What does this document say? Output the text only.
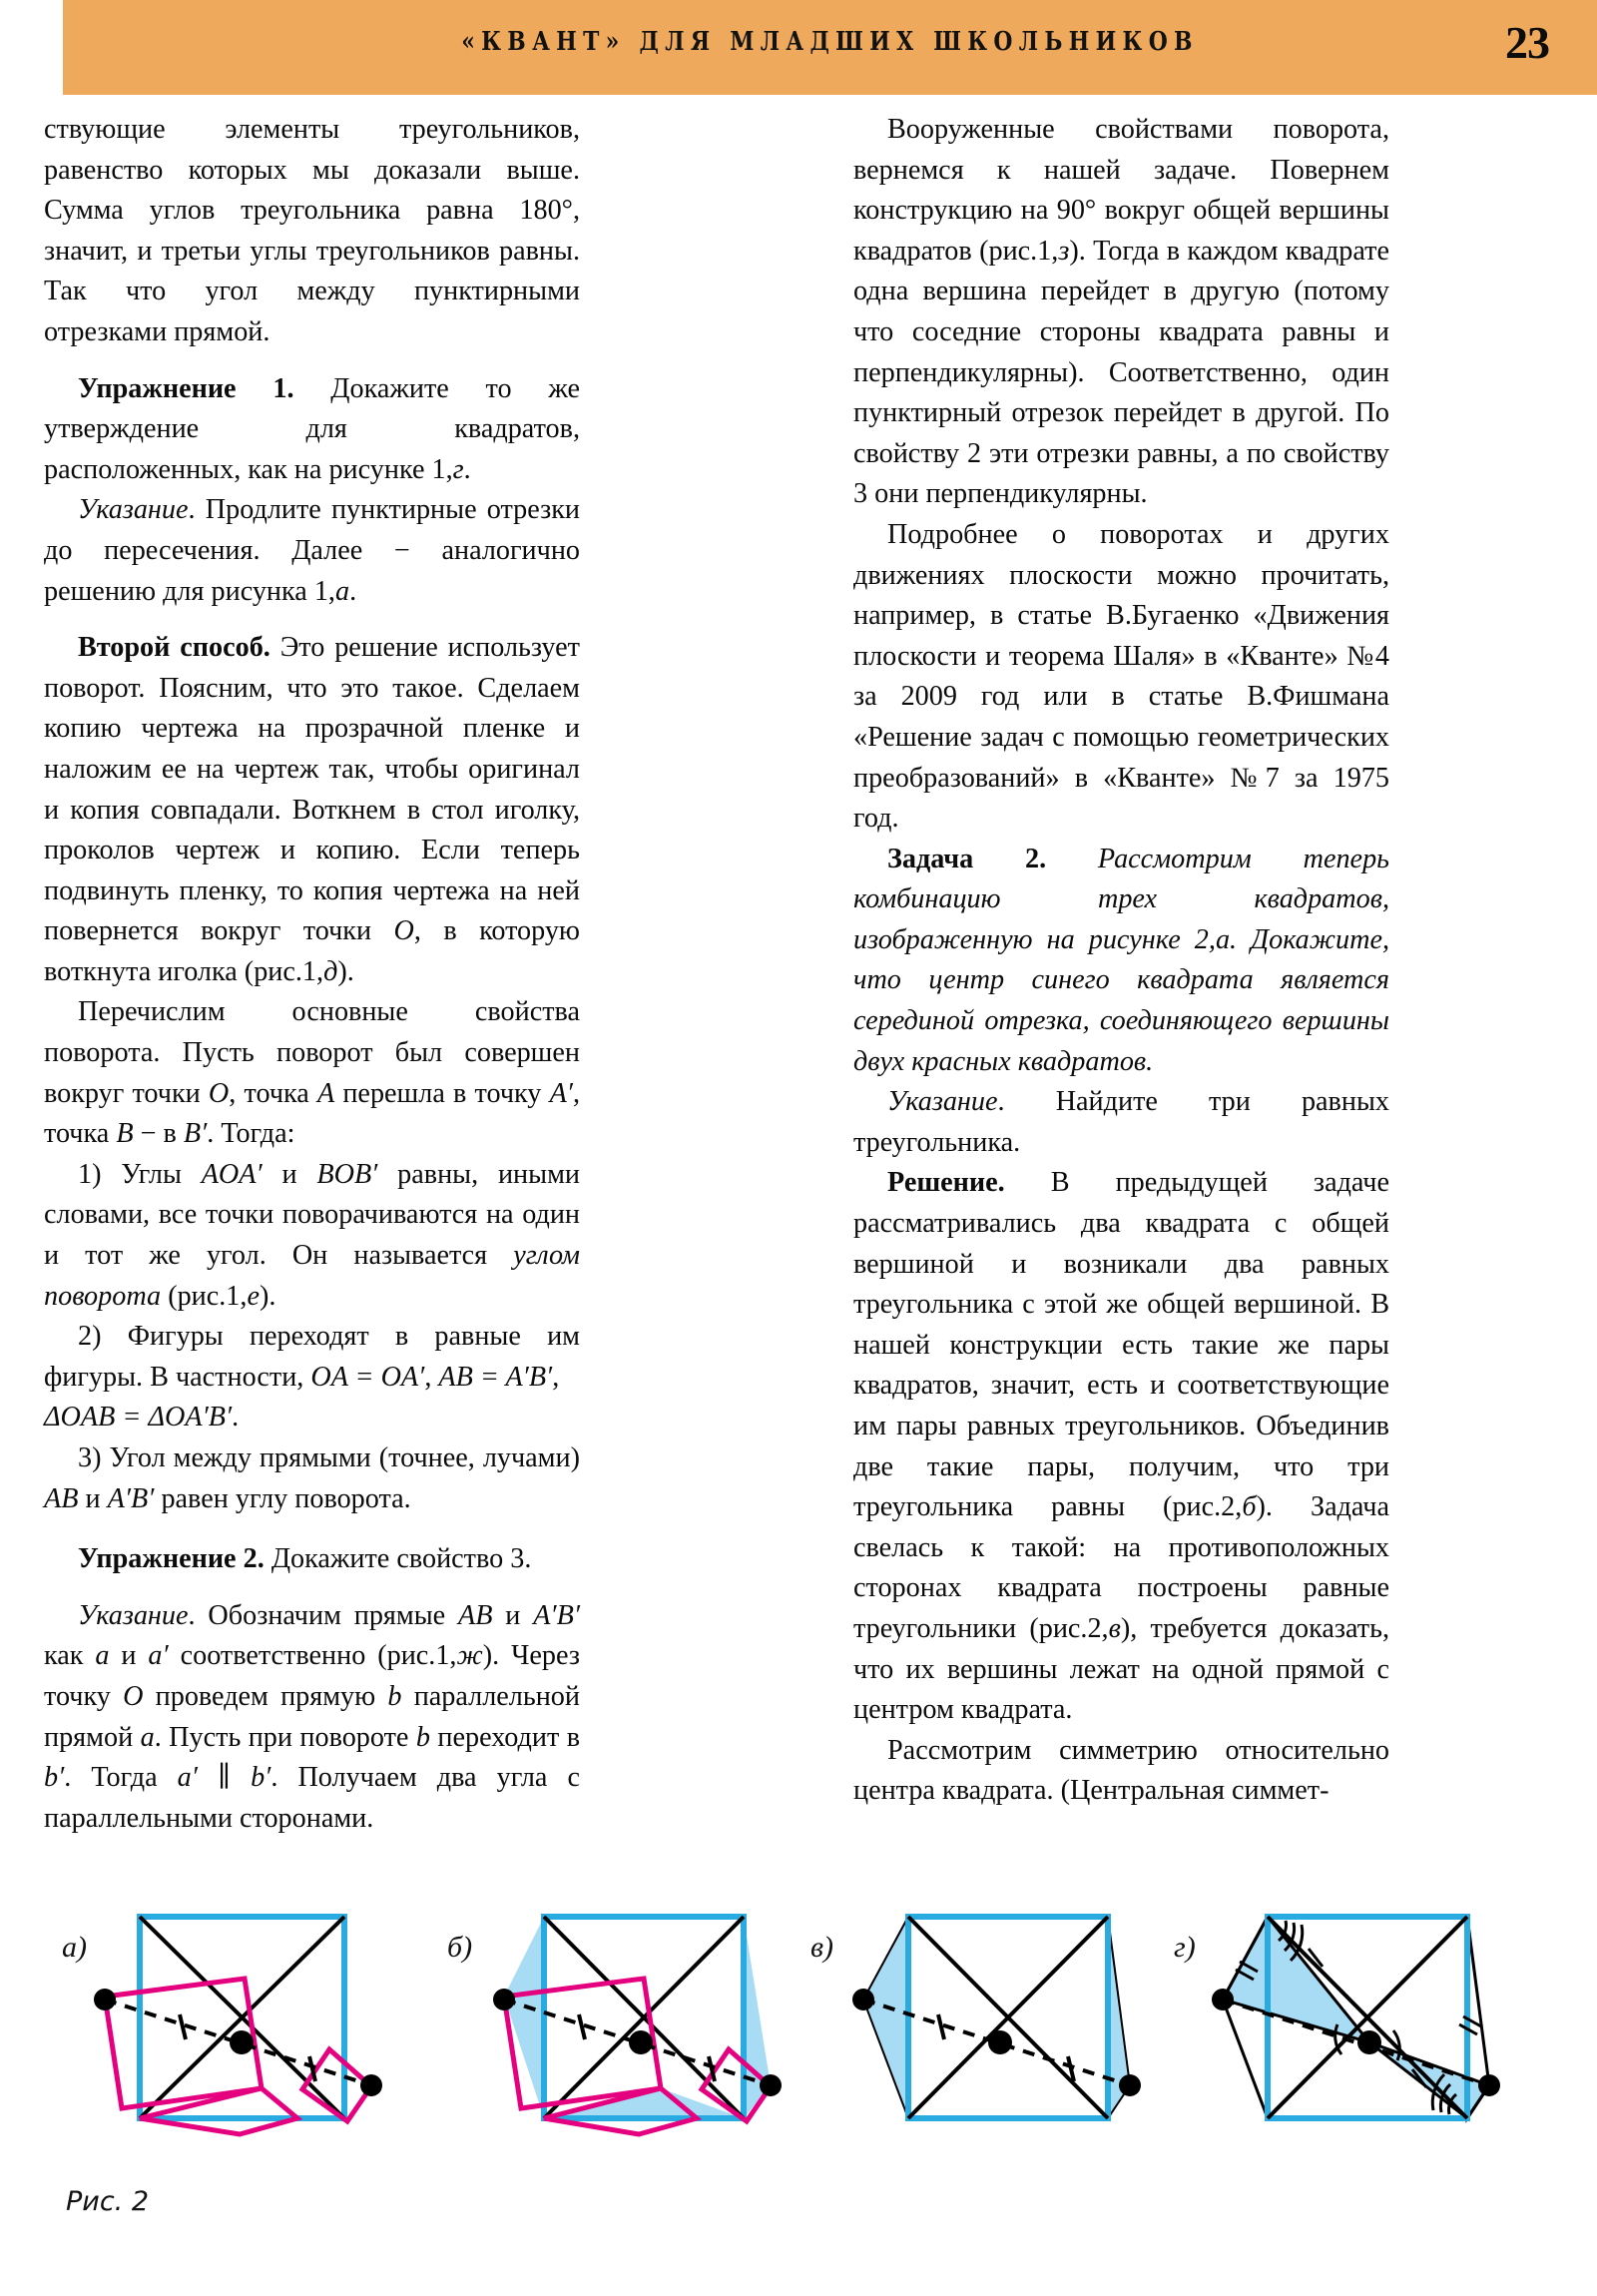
«КВАНТ» ДЛЯ МЛАДШИХ ШКОЛЬНИКОВ	23

ствующие элементы треугольников, равенство которых мы доказали выше. Сумма углов треугольника равна 180°, значит, и третьи углы треугольников равны. Так что угол между пунктирными отрезками прямой.

Упражнение 1. Докажите то же утверждение для квадратов, расположенных, как на рисунке 1,г.

Указание. Продлите пунктирные отрезки до пересечения. Далее − аналогично решению для рисунка 1,а.

Второй способ. Это решение использует поворот. Поясним, что это такое. Сделаем копию чертежа на прозрачной пленке и наложим ее на чертеж так, чтобы оригинал и копия совпадали. Воткнем в стол иголку, проколов чертеж и копию. Если теперь подвинуть пленку, то копия чертежа на ней повернется вокруг точки O, в которую воткнута иголка (рис.1,д).

Перечислим основные свойства поворота. Пусть поворот был совершен вокруг точки O, точка A перешла в точку A′, точка B − в B′. Тогда:

1) Углы AOA′ и BOB′ равны, иными словами, все точки поворачиваются на один и тот же угол. Он называется углом поворота (рис.1,е).

2) Фигуры переходят в равные им фигуры. В частности, OA = OA′, AB = A′B′,
ΔOAB = ΔOA′B′.

3) Угол между прямыми (точнее, лучами) AB и A′B′ равен углу поворота.

Упражнение 2. Докажите свойство 3.

Указание. Обозначим прямые AB и A′B′ как a и a′ соответственно (рис.1,ж). Через точку O проведем прямую b параллельной прямой a. Пусть при повороте b переходит в b′. Тогда a′ ∥ b′. Получаем два угла с параллельными сторонами.

Вооруженные свойствами поворота, вернемся к нашей задаче. Повернем конструкцию на 90° вокруг общей вершины квадратов (рис.1,з). Тогда в каждом квадрате одна вершина перейдет в другую (потому что соседние стороны квадрата равны и перпендикулярны). Соответственно, один пунктирный отрезок перейдет в другой. По свойству 2 эти отрезки равны, а по свойству 3 они перпендикулярны.

Подробнее о поворотах и других движениях плоскости можно прочитать, например, в статье В.Бугаенко «Движения плоскости и теорема Шаля» в «Кванте» №4 за 2009 год или в статье В.Фишмана «Решение задач с помощью геометрических преобразований» в «Кванте» №7 за 1975 год.

Задача 2. Рассмотрим теперь комбинацию трех квадратов, изображенную на рисунке 2,а. Докажите, что центр синего квадрата является серединой отрезка, соединяющего вершины двух красных квадратов.

Указание. Найдите три равных треугольника.

Решение. В предыдущей задаче рассматривались два квадрата с общей вершиной и возникали два равных треугольника с этой же общей вершиной. В нашей конструкции есть такие же пары квадратов, значит, есть и соответствующие им пары равных треугольников. Объединив две такие пары, получим, что три треугольника равны (рис.2,б). Задача свелась к такой: на противоположных сторонах квадрата построены равные треугольники (рис.2,в), требуется доказать, что их вершины лежат на одной прямой с центром квадрата.

Рассмотрим симметрию относительно центра квадрата. (Центральная симмет-

а)	б)	в)	г)
Рис. 2
